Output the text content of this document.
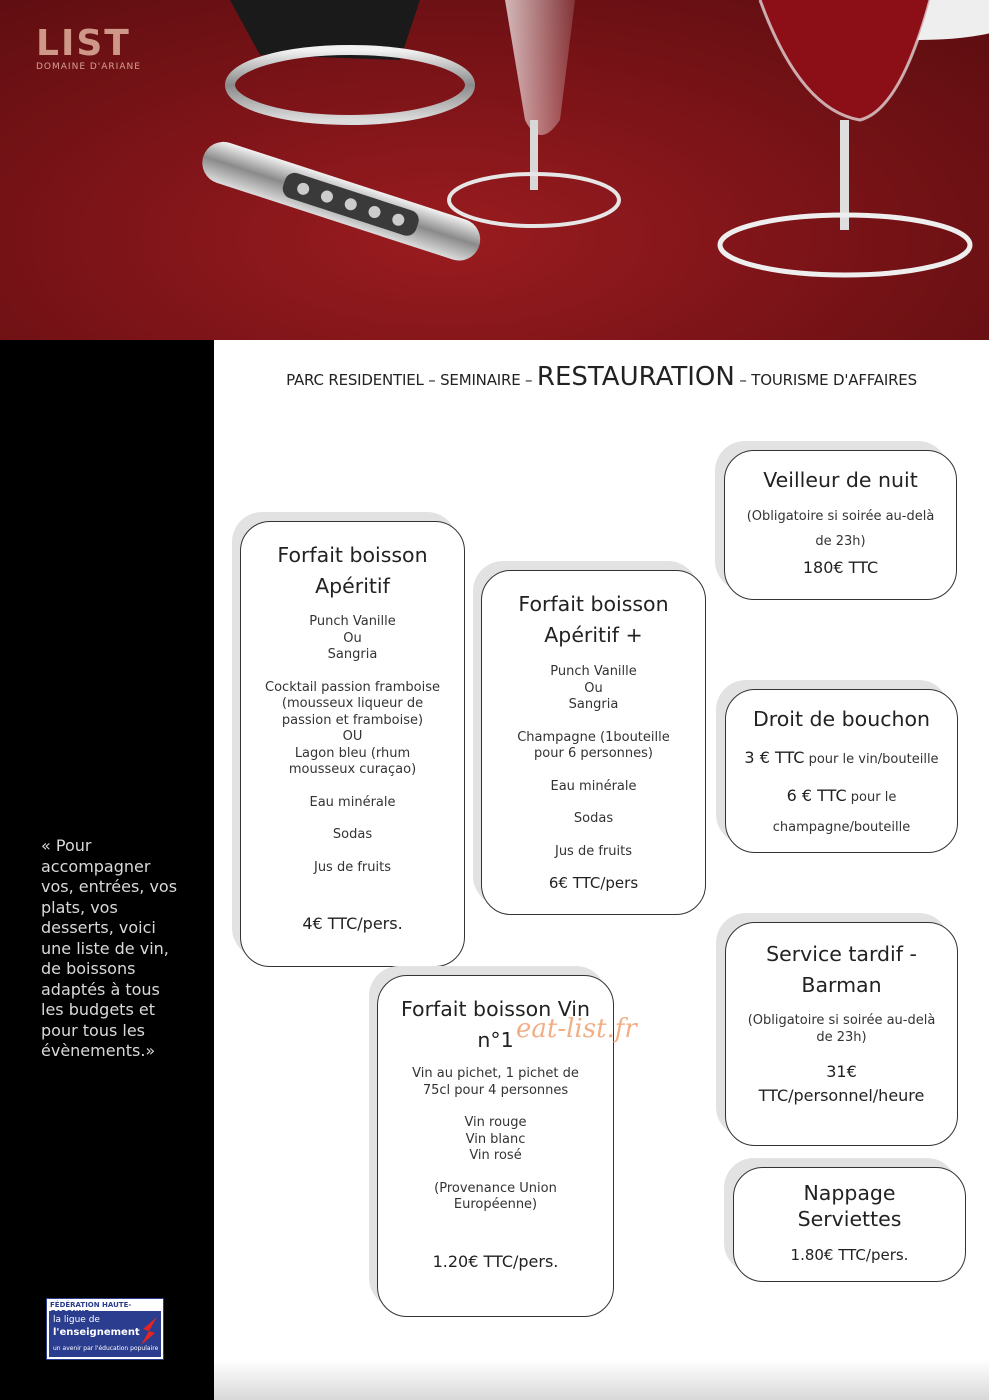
LIST
DOMAINE D'ARIANE
« Pour accompagner vos, entrées, vos plats, vos desserts, voici une liste de vin, de boissons adaptés à tous les budgets et pour tous les évènements.»
FÉDÉRATION HAUTE-
la ligue de
l'enseignement
un avenir par l'éducation populaire
PARC RESIDENTIEL – SEMINAIRE – RESTAURATION – TOURISME D'AFFAIRES
Forfait boisson
Apéritif
Punch Vanille
Ou
Sangria
Cocktail passion framboise
(mousseux liqueur de
passion et framboise)
OU
Lagon bleu (rhum
mousseux curaçao)
Eau minérale
Sodas
Jus de fruits
4€ TTC/pers.
Forfait boisson
Apéritif +
Punch Vanille
Ou
Sangria
Champagne (1bouteille
pour 6 personnes)
Eau minérale
Sodas
Jus de fruits
6€ TTC/pers
Veilleur de nuit
(Obligatoire si soirée au-delà
de 23h)
180€ TTC
Droit de bouchon
3 € TTC pour le vin/bouteille
6 € TTC pour le
champagne/bouteille
Forfait boisson Vin
n°1
Vin au pichet, 1 pichet de
75cl pour 4 personnes
Vin rouge
Vin blanc
Vin rosé
(Provenance Union
Européenne)
1.20€ TTC/pers.
Service tardif -
Barman
(Obligatoire si soirée au-delà
de 23h)
31€
TTC/personnel/heure
Nappage
Serviettes
1.80€ TTC/pers.
eat-list.fr
